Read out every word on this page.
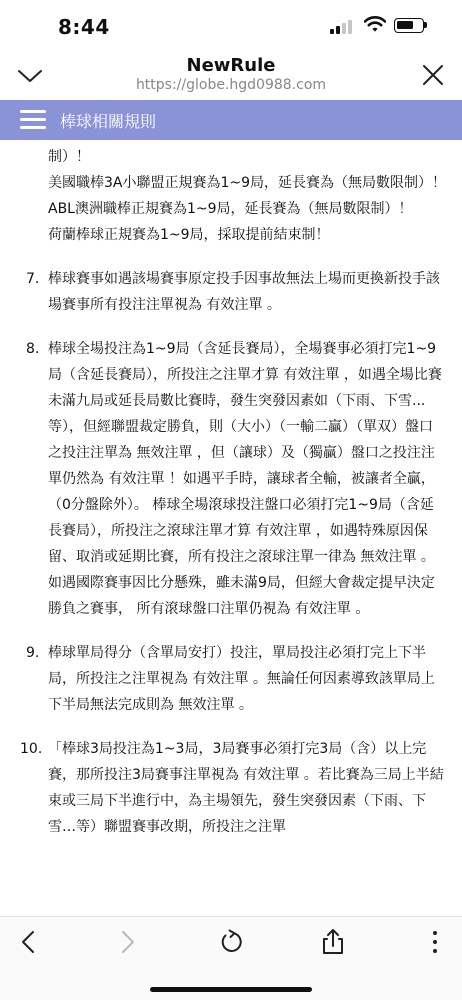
8:44
NewRule
https://globe.hgd0988.com
棒球相關規則

制）！

美國職棒3A小聯盟正規賽為1~9局，延長賽為（無局數限制）！

ABL澳洲職棒正規賽為1~9局，延長賽為（無局數限制）！

荷蘭棒球正規賽為1~9局，採取提前結束制！

7. 棒球賽事如遇該場賽事原定投手因事故無法上場而更換新投手該場賽事所有投注注單視為 有效注單 。

8. 棒球全場投注為1~9局（含延長賽局），全場賽事必須打完1~9局（含延長賽局），所投注之注單才算 有效注單 ，如遇全場比賽未滿九局或延長局數比賽時，發生突發因素如（下雨、下雪...等），但經聯盟裁定勝負，則（大小）（一輸二贏）（單双）盤口之投注注單為 無效注單 ，但（讓球）及（獨贏）盤口之投注注單仍然為 有效注單 ！如遇平手時，讓球者全輸，被讓者全贏，（0分盤除外）。 棒球全場滾球投注盤口必須打完1~9局（含延長賽局），所投注之滾球注單才算 有效注單 ，如遇特殊原因保留、取消或延期比賽，所有投注之滾球注單一律為 無效注單 。如遇國際賽事因比分懸殊，雖未滿9局，但經大會裁定提早決定勝負之賽事， 所有滾球盤口注單仍視為 有效注單 。

9. 棒球單局得分（含單局安打）投注，單局投注必須打完上下半局，所投注之注單視為 有效注單 。無論任何因素導致該單局上下半局無法完成則為 無效注單 。

10. 「棒球3局投注為1~3局，3局賽事必須打完3局（含）以上完賽，那所投注3局賽事注單視為 有效注單 。若比賽為三局上半結束或三局下半進行中，為主場領先，發生突發因素（下雨、下雪…等）聯盟賽事改期，所投注之注單
